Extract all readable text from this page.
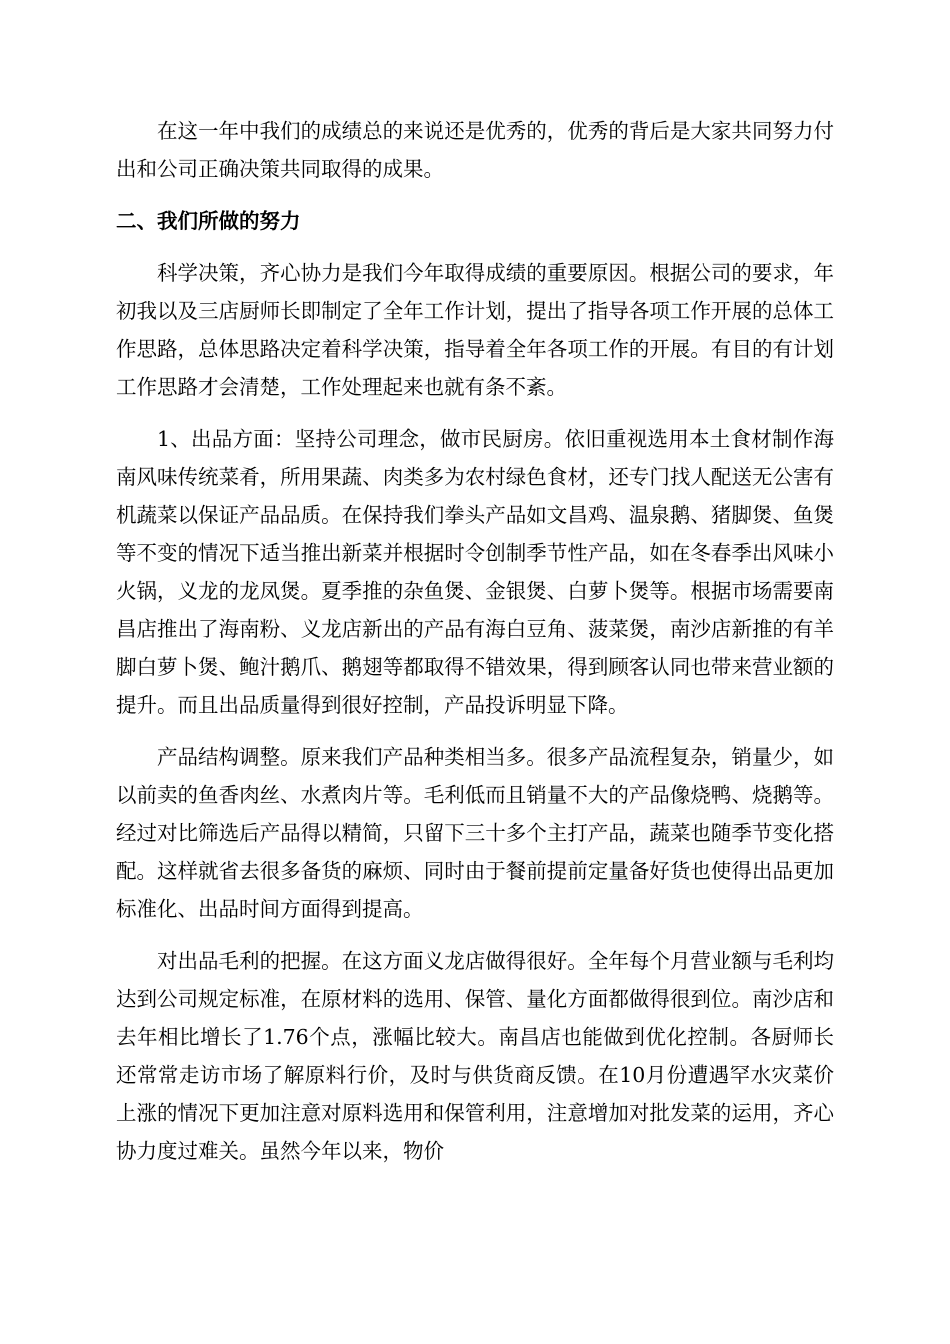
在这一年中我们的成绩总的来说还是优秀的，优秀的背后是大家共同努力付出和公司正确决策共同取得的成果。

二、我们所做的努力

科学决策，齐心协力是我们今年取得成绩的重要原因。根据公司的要求，年初我以及三店厨师长即制定了全年工作计划，提出了指导各项工作开展的总体工作思路，总体思路决定着科学决策，指导着全年各项工作的开展。有目的有计划工作思路才会清楚，工作处理起来也就有条不紊。

1、出品方面：坚持公司理念，做市民厨房。依旧重视选用本土食材制作海南风味传统菜肴，所用果蔬、肉类多为农村绿色食材，还专门找人配送无公害有机蔬菜以保证产品品质。在保持我们拳头产品如文昌鸡、温泉鹅、猪脚煲、鱼煲等不变的情况下适当推出新菜并根据时令创制季节性产品，如在冬春季出风味小火锅，义龙的龙凤煲。夏季推的杂鱼煲、金银煲、白萝卜煲等。根据市场需要南昌店推出了海南粉、义龙店新出的产品有海白豆角、菠菜煲，南沙店新推的有羊脚白萝卜煲、鲍汁鹅爪、鹅翅等都取得不错效果，得到顾客认同也带来营业额的提升。而且出品质量得到很好控制，产品投诉明显下降。

产品结构调整。原来我们产品种类相当多。很多产品流程复杂，销量少，如以前卖的鱼香肉丝、水煮肉片等。毛利低而且销量不大的产品像烧鸭、烧鹅等。经过对比筛选后产品得以精简，只留下三十多个主打产品，蔬菜也随季节变化搭配。这样就省去很多备货的麻烦、同时由于餐前提前定量备好货也使得出品更加标准化、出品时间方面得到提高。

对出品毛利的把握。在这方面义龙店做得很好。全年每个月营业额与毛利均达到公司规定标准，在原材料的选用、保管、量化方面都做得很到位。南沙店和去年相比增长了1.76个点，涨幅比较大。南昌店也能做到优化控制。各厨师长还常常走访市场了解原料行价，及时与供货商反馈。在10月份遭遇罕水灾菜价上涨的情况下更加注意对原料选用和保管利用，注意增加对批发菜的运用，齐心协力度过难关。虽然今年以来，物价
